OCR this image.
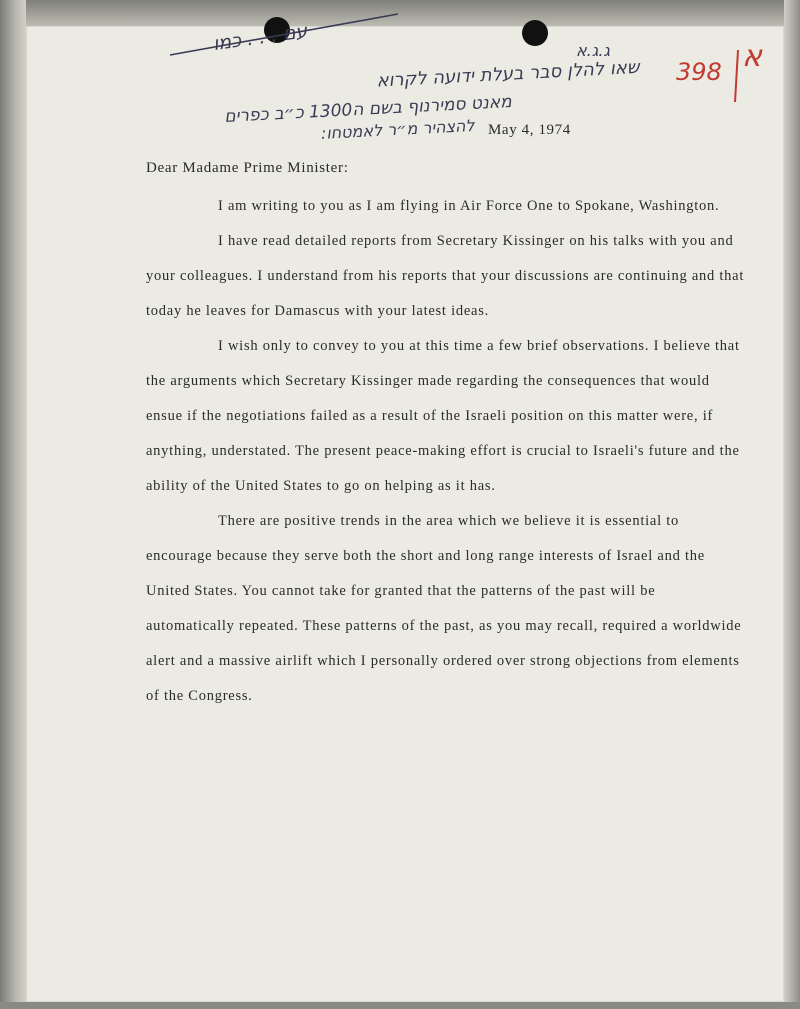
עם . . . כמו
שאו להלן סבר בעלת ידועה לקרוא
מאנט סמירנוף בשם ה1300 כ״ב כפרים
להצהיר מ״ר לאמטחו:
ג.ג.א
398 א
May 4, 1974
Dear Madame Prime Minister:

I am writing to you as I am flying in Air Force One to Spokane, Washington.

I have read detailed reports from Secretary Kissinger on his talks with you and your colleagues. I understand from his reports that your discussions are continuing and that today he leaves for Damascus with your latest ideas.

I wish only to convey to you at this time a few brief observations. I believe that the arguments which Secretary Kissinger made regarding the consequences that would ensue if the negotiations failed as a result of the Israeli position on this matter were, if anything, understated. The present peace-making effort is crucial to Israeli's future and the ability of the United States to go on helping as it has.

There are positive trends in the area which we believe it is essential to encourage because they serve both the short and long range interests of Israel and the United States. You cannot take for granted that the patterns of the past will be automatically repeated. These patterns of the past, as you may recall, required a worldwide alert and a massive airlift which I personally ordered over strong objections from elements of the Congress.
